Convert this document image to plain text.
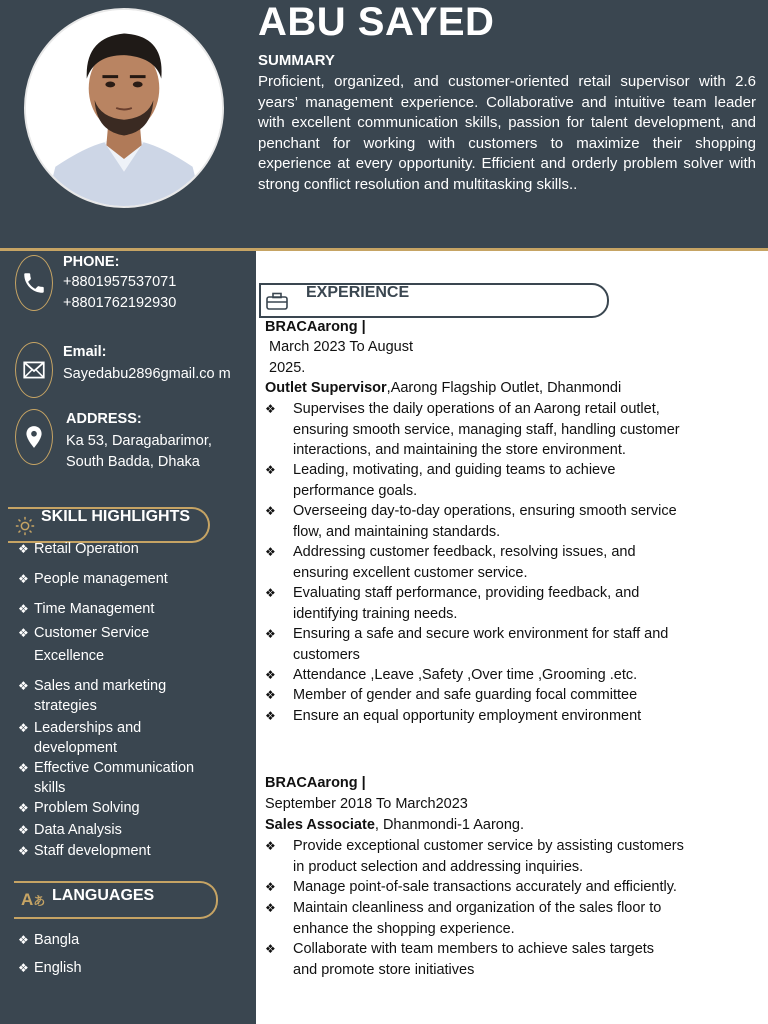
ABU SAYED
SUMMARY
Proficient, organized, and customer-oriented retail supervisor with 2.6 years’ management experience. Collaborative and intuitive team leader with excellent communication skills, passion for talent development, and penchant for working with customers to maximize their shopping experience at every opportunity. Efficient and orderly problem solver with strong conflict resolution and multitasking skills..
PHONE:
+8801957537071
+8801762192930
Email:
Sayedabu2896gmail.co m
ADDRESS:
Ka 53, Daragabarimor,
South Badda, Dhaka
SKILL HIGHLIGHTS
❖ Retail Operation
❖ People management
❖ Time Management
❖ Customer Service
Excellence
❖ Sales and marketing
strategies
❖ Leaderships and
development
❖ Effective Communication
skills
❖ Problem Solving
❖ Data Analysis
❖ Staff development
Aあ LANGUAGES
❖ Bangla
❖ English
EXPERIENCE
BRACAarong |
March 2023 To August
2025.
Outlet Supervisor,Aarong Flagship Outlet, Dhanmondi
❖ Supervises the daily operations of an Aarong retail outlet,
ensuring smooth service, managing staff, handling customer
interactions, and maintaining the store environment.
❖ Leading, motivating, and guiding teams to achieve
performance goals.
❖ Overseeing day-to-day operations, ensuring smooth service
flow, and maintaining standards.
❖ Addressing customer feedback, resolving issues, and
ensuring excellent customer service.
❖ Evaluating staff performance, providing feedback, and
identifying training needs.
❖ Ensuring a safe and secure work environment for staff and
customers
❖ Attendance ,Leave ,Safety ,Over time ,Grooming .etc.
❖ Member of gender and safe guarding focal committee
❖ Ensure an equal opportunity employment environment
BRACAarong |
September 2018 To March2023
Sales Associate, Dhanmondi-1 Aarong.
❖ Provide exceptional customer service by assisting customers
in product selection and addressing inquiries.
❖ Manage point-of-sale transactions accurately and efficiently.
❖ Maintain cleanliness and organization of the sales floor to
enhance the shopping experience.
❖ Collaborate with team members to achieve sales targets
and promote store initiatives
